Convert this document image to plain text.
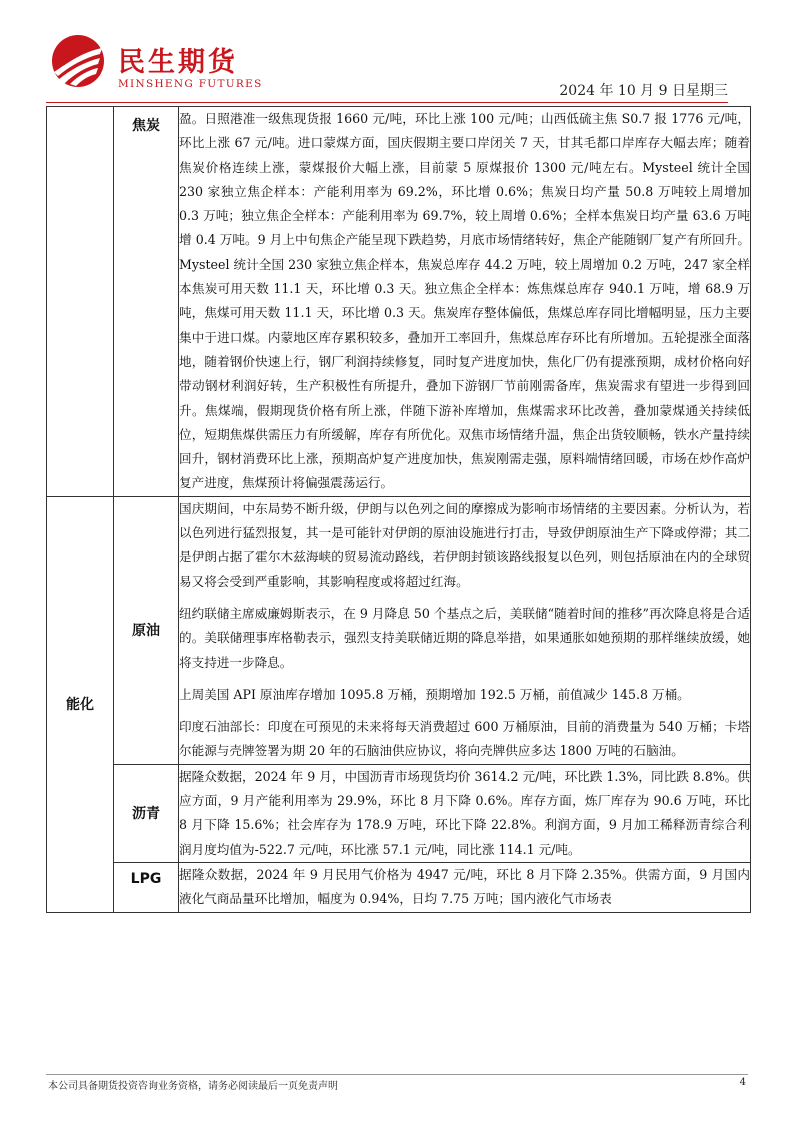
民生期货
MINSHENG FUTURES	2024 年 10 月 9 日星期三
	焦炭	盈。日照港准一级焦现货报 1660 元/吨，环比上涨 100 元/吨；山西低硫主焦 S0.7 报 1776 元/吨，环比上涨 67 元/吨。进口蒙煤方面，国庆假期主要口岸闭关 7 天，甘其毛都口岸库存大幅去库；随着焦炭价格连续上涨，蒙煤报价大幅上涨，目前蒙 5 原煤报价 1300 元/吨左右。Mysteel 统计全国 230 家独立焦企样本：产能利用率为 69.2%，环比增 0.6%；焦炭日均产量 50.8 万吨较上周增加 0.3 万吨；独立焦企全样本：产能利用率为 69.7%，较上周增 0.6%；全样本焦炭日均产量 63.6 万吨增 0.4 万吨。9 月上中旬焦企产能呈现下跌趋势，月底市场情绪转好，焦企产能随钢厂复产有所回升。Mysteel 统计全国 230 家独立焦企样本，焦炭总库存 44.2 万吨，较上周增加 0.2 万吨，247 家全样本焦炭可用天数 11.1 天，环比增 0.3 天。独立焦企全样本：炼焦煤总库存 940.1 万吨，增 68.9 万吨，焦煤可用天数 11.1 天，环比增 0.3 天。焦炭库存整体偏低，焦煤总库存同比增幅明显，压力主要集中于进口煤。内蒙地区库存累积较多，叠加开工率回升，焦煤总库存环比有所增加。五轮提涨全面落地，随着钢价快速上行，钢厂利润持续修复，同时复产进度加快，焦化厂仍有提涨预期，成材价格向好带动钢材利润好转，生产积极性有所提升，叠加下游钢厂节前刚需备库，焦炭需求有望进一步得到回升。焦煤端，假期现货价格有所上涨，伴随下游补库增加，焦煤需求环比改善，叠加蒙煤通关持续低位，短期焦煤供需压力有所缓解，库存有所优化。双焦市场情绪升温，焦企出货较顺畅，铁水产量持续回升，钢材消费环比上涨，预期高炉复产进度加快，焦炭刚需走强，原料端情绪回暖，市场在炒作高炉复产进度，焦煤预计将偏强震荡运行。

能化	原油	国庆期间，中东局势不断升级，伊朗与以色列之间的摩擦成为影响市场情绪的主要因素。分析认为，若以色列进行猛烈报复，其一是可能针对伊朗的原油设施进行打击，导致伊朗原油生产下降或停滞；其二是伊朗占据了霍尔木兹海峡的贸易流动路线，若伊朗封锁该路线报复以色列，则包括原油在内的全球贸易又将会受到严重影响，其影响程度或将超过红海。

纽约联储主席威廉姆斯表示，在 9 月降息 50 个基点之后，美联储“随着时间的推移”再次降息将是合适的。美联储理事库格勒表示，强烈支持美联储近期的降息举措，如果通胀如她预期的那样继续放缓，她将支持进一步降息。

上周美国 API 原油库存增加 1095.8 万桶，预期增加 192.5 万桶，前值减少 145.8 万桶。

印度石油部长：印度在可预见的未来将每天消费超过 600 万桶原油，目前的消费量为 540 万桶；卡塔尔能源与壳牌签署为期 20 年的石脑油供应协议，将向壳牌供应多达 1800 万吨的石脑油。

	沥青	据隆众数据，2024 年 9 月，中国沥青市场现货均价 3614.2 元/吨，环比跌 1.3%，同比跌 8.8%。供应方面，9 月产能利用率为 29.9%，环比 8 月下降 0.6%。库存方面，炼厂库存为 90.6 万吨，环比 8 月下降 15.6%；社会库存为 178.9 万吨，环比下降 22.8%。利润方面，9 月加工稀释沥青综合利润月度均值为-522.7 元/吨，环比涨 57.1 元/吨，同比涨 114.1 元/吨。

	LPG	据隆众数据，2024 年 9 月民用气价格为 4947 元/吨，环比 8 月下降 2.35%。供需方面，9 月国内液化气商品量环比增加，幅度为 0.94%，日均 7.75 万吨；国内液化气市场表

本公司具备期货投资咨询业务资格，请务必阅读最后一页免责声明	4
